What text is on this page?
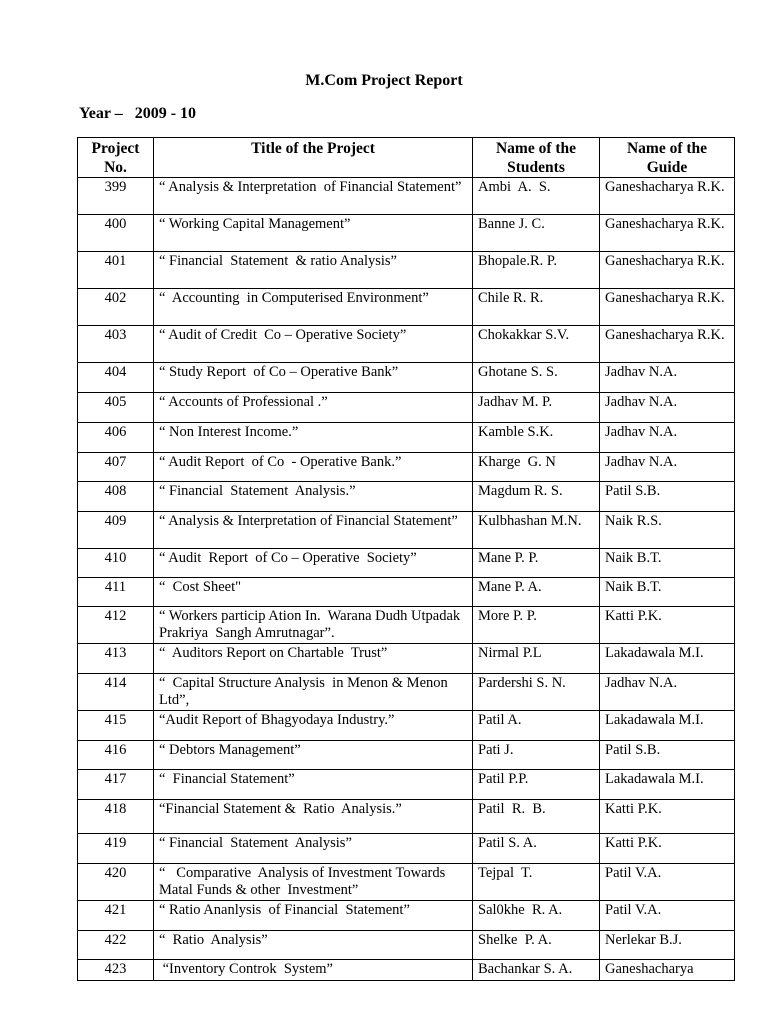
M.Com Project Report
Year –   2009 - 10
Project No.	Title of the Project	Name of the Students	Name of the Guide
399	“ Analysis & Interpretation  of Financial Statement”	Ambi  A.  S.	Ganeshacharya R.K.
400	“ Working Capital Management”	Banne J. C.	Ganeshacharya R.K.
401	“ Financial  Statement  & ratio Analysis”	Bhopale.R. P.	Ganeshacharya R.K.
402	“  Accounting  in Computerised Environment”	Chile R. R.	Ganeshacharya R.K.
403	“ Audit of Credit  Co – Operative Society”	Chokakkar S.V.	Ganeshacharya R.K.
404	“ Study Report  of Co – Operative Bank”	Ghotane S. S.	Jadhav N.A.
405	“ Accounts of Professional .”	Jadhav M. P.	Jadhav N.A.
406	“ Non Interest Income.”	Kamble S.K.	Jadhav N.A.
407	“ Audit Report  of Co  - Operative Bank.”	Kharge  G. N	Jadhav N.A.
408	“ Financial  Statement  Analysis.”	Magdum R. S.	Patil S.B.
409	“ Analysis & Interpretation of Financial Statement”	Kulbhashan M.N.	Naik R.S.
410	“ Audit  Report  of Co – Operative  Society”	Mane P. P.	Naik B.T.
411	“  Cost Sheet"	Mane P. A.	Naik B.T.
412	“ Workers particip Ation In.  Warana Dudh Utpadak Prakriya  Sangh Amrutnagar”.	More P. P.	Katti P.K.
413	“  Auditors Report on Chartable  Trust”	Nirmal P.L	Lakadawala M.I.
414	“  Capital Structure Analysis  in Menon & Menon Ltd”,	Pardershi S. N.	Jadhav N.A.
415	“Audit Report of Bhagyodaya Industry.”	Patil A.	Lakadawala M.I.
416	“ Debtors Management”	Pati J.	Patil S.B.
417	“  Financial Statement”	Patil P.P.	Lakadawala M.I.
418	“Financial Statement &  Ratio  Analysis.”	Patil  R.  B.	Katti P.K.
419	“ Financial  Statement  Analysis”	Patil S. A.	Katti P.K.
420	“   Comparative  Analysis of Investment Towards Matal Funds & other  Investment”	Tejpal  T.	Patil V.A.
421	“ Ratio Ananlysis  of Financial  Statement”	Sal0khe  R. A.	Patil V.A.
422	“  Ratio  Analysis”	Shelke  P. A.	Nerlekar B.J.
423	“Inventory Controk  System”	Bachankar S. A.	Ganeshacharya
